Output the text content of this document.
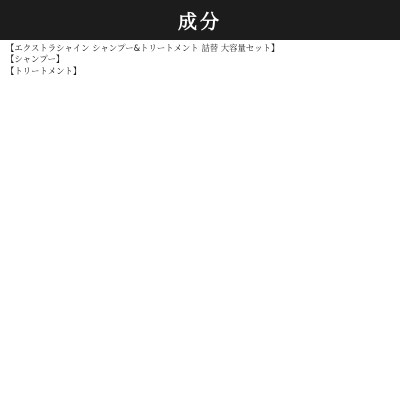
成分

【エクストラシャイン シャンプー&トリートメント 詰替 大容量セット】

【シャンプー】

【トリートメント】
